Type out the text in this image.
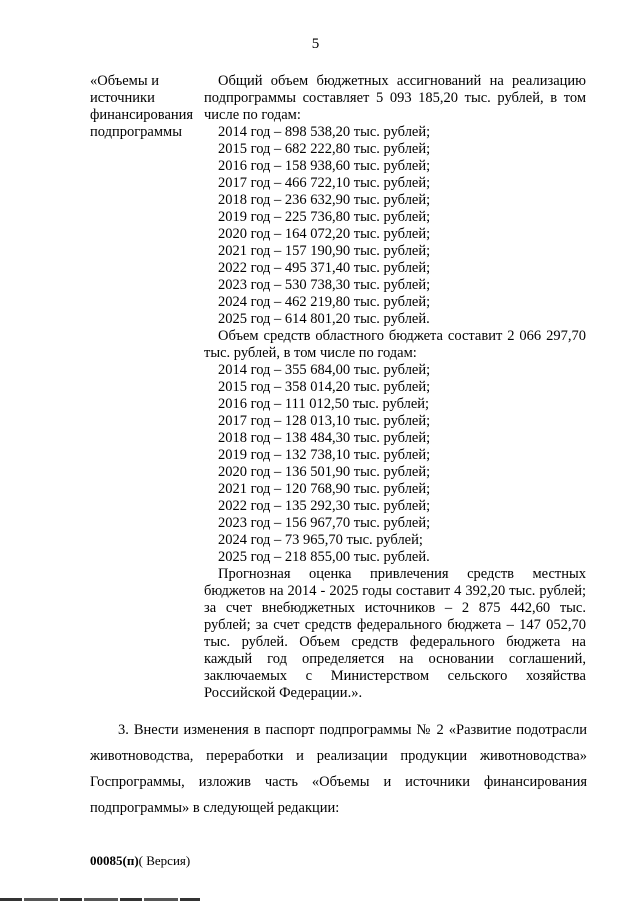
5
«Объемы и
источники
финансирования
подпрограммы
Общий объем бюджетных ассигнований на реализацию подпрограммы составляет 5 093 185,20 тыс. рублей, в том числе по годам:
2014 год – 898 538,20 тыс. рублей;
2015 год – 682 222,80 тыс. рублей;
2016 год – 158 938,60 тыс. рублей;
2017 год – 466 722,10 тыс. рублей;
2018 год – 236 632,90 тыс. рублей;
2019 год – 225 736,80 тыс. рублей;
2020 год – 164 072,20 тыс. рублей;
2021 год – 157 190,90 тыс. рублей;
2022 год – 495 371,40 тыс. рублей;
2023 год – 530 738,30 тыс. рублей;
2024 год – 462 219,80 тыс. рублей;
2025 год – 614 801,20 тыс. рублей.
Объем средств областного бюджета составит 2 066 297,70 тыс. рублей, в том числе по годам:
2014 год – 355 684,00 тыс. рублей;
2015 год – 358 014,20 тыс. рублей;
2016 год – 111 012,50 тыс. рублей;
2017 год – 128 013,10 тыс. рублей;
2018 год – 138 484,30 тыс. рублей;
2019 год – 132 738,10 тыс. рублей;
2020 год – 136 501,90 тыс. рублей;
2021 год – 120 768,90 тыс. рублей;
2022 год – 135 292,30 тыс. рублей;
2023 год – 156 967,70 тыс. рублей;
2024 год – 73 965,70 тыс. рублей;
2025 год – 218 855,00 тыс. рублей.
Прогнозная оценка привлечения средств местных бюджетов на 2014 - 2025 годы составит 4 392,20 тыс. рублей; за счет внебюджетных источников – 2 875 442,60 тыс. рублей; за счет средств федерального бюджета – 147 052,70 тыс. рублей. Объем средств федерального бюджета на каждый год определяется на основании соглашений, заключаемых с Министерством сельского хозяйства Российской Федерации.».
3. Внести изменения в паспорт подпрограммы № 2 «Развитие подотрасли животноводства, переработки и реализации продукции животноводства» Госпрограммы, изложив часть «Объемы и источники финансирования подпрограммы» в следующей редакции:
00085(п)( Версия)
